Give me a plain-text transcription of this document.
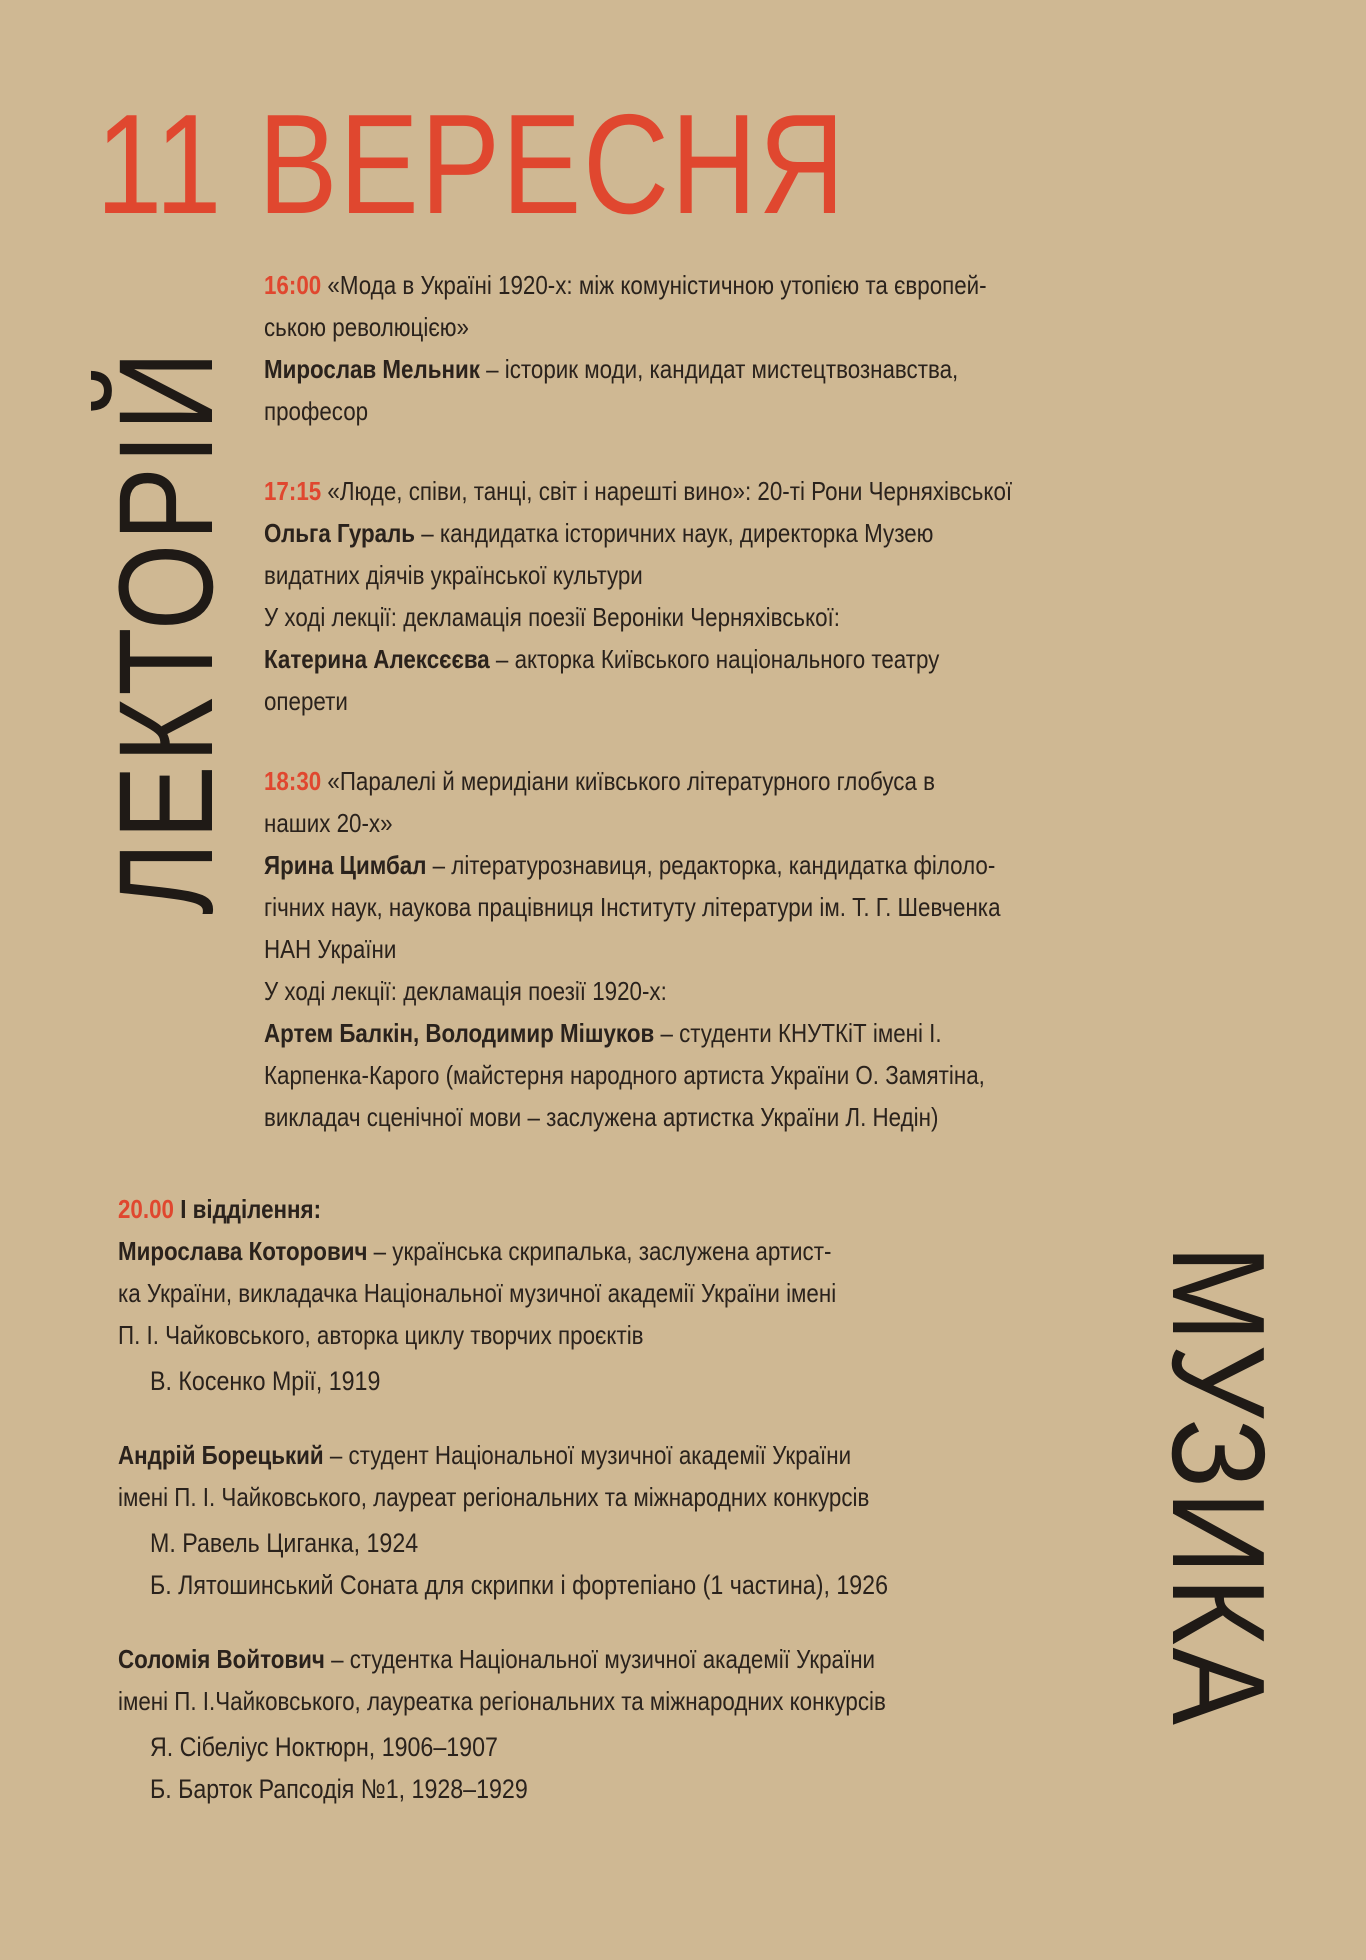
11 ВЕРЕСНЯ
ЛЕКТОРІЙ
МУЗИКА
16:00 «Мода в Україні 1920-х: між комуністичною утопією та європей-
ською революцією»
Мирослав Мельник – історик моди, кандидат мистецтвознавства,
професор
17:15 «Люде, співи, танці, світ і нарешті вино»: 20-ті Рони Черняхівської
Ольга Гураль – кандидатка історичних наук, директорка Музею
видатних діячів української культури
У ході лекції: декламація поезії Вероніки Черняхівської:
Катерина Алексєєва – акторка Київського національного театру
оперети
18:30 «Паралелі й меридіани київського літературного глобуса в
наших 20-х»
Ярина Цимбал – літературознавиця, редакторка, кандидатка філоло-
гічних наук, наукова працівниця Інституту літератури ім. Т. Г. Шевченка
НАН України
У ході лекції: декламація поезії 1920-х:
Артем Балкін, Володимир Мішуков – студенти КНУТКіТ імені І.
Карпенка-Карого (майстерня народного артиста України О. Замятіна,
викладач сценічної мови – заслужена артистка України Л. Недін)
20.00 І відділення:
Мирослава Которович – українська скрипалька, заслужена артист-
ка України, викладачка Національної музичної академії України імені
П. І. Чайковського, авторка циклу творчих проєктів
В. Косенко Мрії, 1919
Андрій Борецький – студент Національної музичної академії України
імені П. І. Чайковського, лауреат регіональних та міжнародних конкурсів
М. Равель Циганка, 1924
Б. Лятошинський Соната для скрипки і фортепіано (1 частина), 1926
Соломія Войтович – студентка Національної музичної академії України
імені П. І.Чайковського, лауреатка регіональних та міжнародних конкурсів
Я. Сібеліус Ноктюрн, 1906–1907
Б. Барток Рапсодія №1, 1928–1929
